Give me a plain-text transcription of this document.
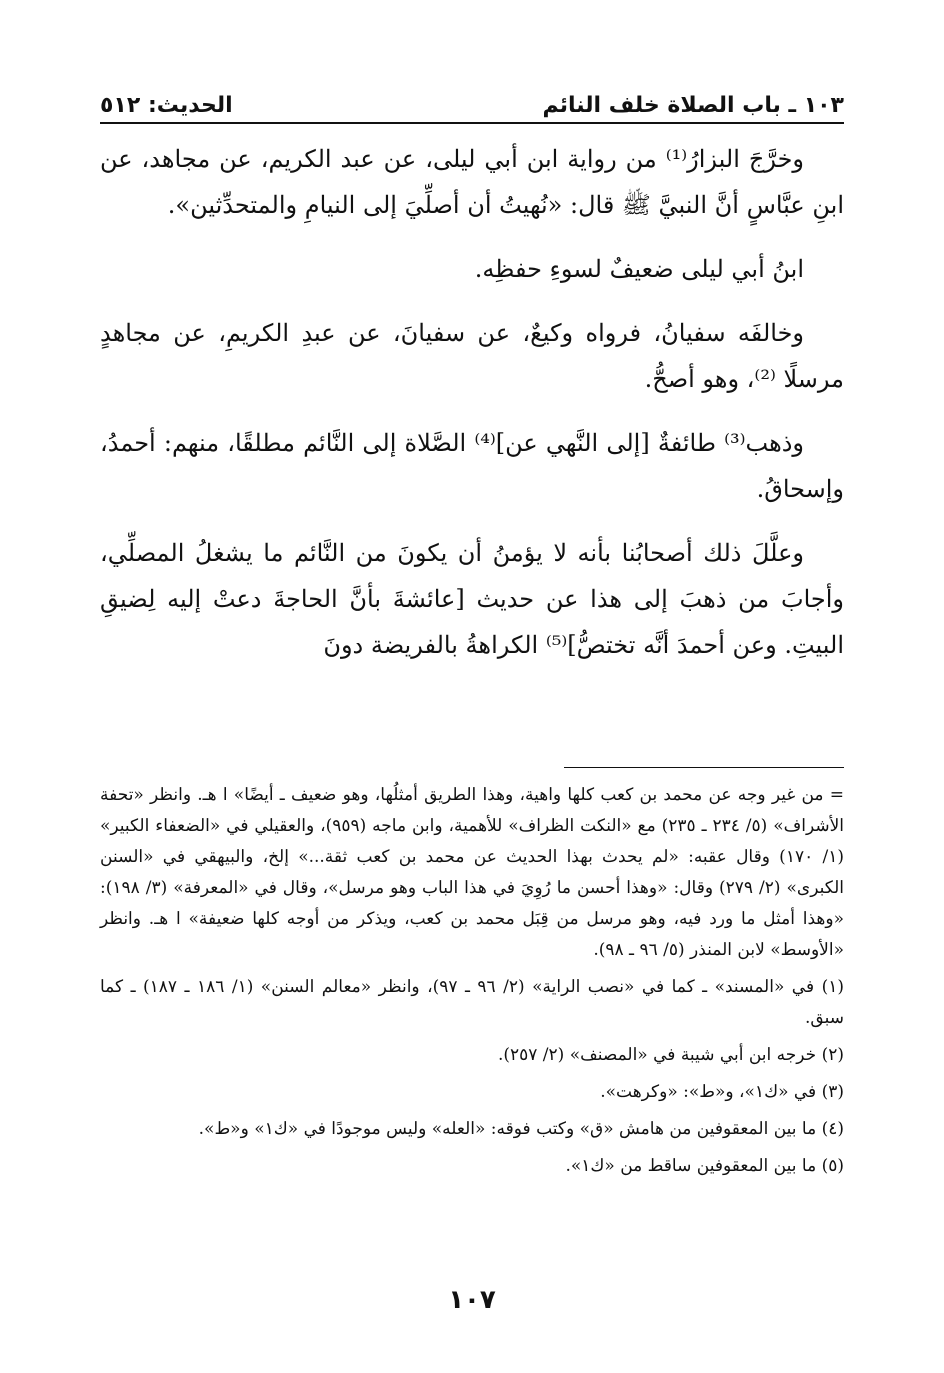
١٠٣ ـ باب الصلاة خلف النائم
الحديث: ٥١٢

وخرَّجَ البزارُ⁽¹⁾ من رواية ابن أبي ليلى، عن عبد الكريم، عن مجاهد، عن ابنِ عبَّاسٍ أنَّ النبيَّ ﷺ قال: «نُهيتُ أن أصلِّيَ إلى النيامِ والمتحدِّثين».

ابنُ أبي ليلى ضعيفٌ لسوءِ حفظِه.

وخالفَه سفيانُ، فرواه وكيعٌ، عن سفيانَ، عن عبدِ الكريمِ، عن مجاهدٍ مرسلًا ⁽²⁾، وهو أصحُّ.

وذهب⁽³⁾ طائفةٌ [إلى النَّهي عن]⁽⁴⁾ الصَّلاة إلى النَّائم مطلقًا، منهم: أحمدُ، وإسحاقُ.

وعلَّلَ ذلك أصحابُنا بأنه لا يؤمنُ أن يكونَ من النَّائم ما يشغلُ المصلِّي، وأجابَ من ذهبَ إلى هذا عن حديث [عائشةَ بأنَّ الحاجةَ دعتْ إليه لِضيقِ البيتِ. وعن أحمدَ أنَّه تختصُّ]⁽⁵⁾ الكراهةُ بالفريضة دونَ

= من غير وجه عن محمد بن كعب كلها واهية، وهذا الطريق أمثلُها، وهو ضعيف ـ أيضًا» ا هـ. وانظر «تحفة الأشراف» (٥/ ٢٣٤ ـ ٢٣٥) مع «النكت الظراف» للأهمية، وابن ماجه (٩٥٩)، والعقيلي في «الضعفاء الكبير» (١/ ١٧٠) وقال عقبه: «لم يحدث بهذا الحديث عن محمد بن كعب ثقة...» إلخ، والبيهقي في «السنن الكبرى» (٢/ ٢٧٩) وقال: «وهذا أحسن ما رُوِيَ في هذا الباب وهو مرسل»، وقال في «المعرفة» (٣/ ١٩٨): «وهذا أمثل ما ورد فيه، وهو مرسل من قِبَل محمد بن كعب، ويذكر من أوجه كلها ضعيفة» ا هـ. وانظر «الأوسط» لابن المنذر (٥/ ٩٦ ـ ٩٨).

(١) في «المسند» ـ كما في «نصب الراية» (٢/ ٩٦ ـ ٩٧)، وانظر «معالم السنن» (١/ ١٨٦ ـ ١٨٧) ـ كما سبق.

(٢) خرجه ابن أبي شيبة في «المصنف» (٢/ ٢٥٧).

(٣) في «ك١»، و«ط»: «وكرهت».

(٤) ما بين المعقوفين من هامش «ق» وكتب فوقه: «العله» وليس موجودًا في «ك١» و«ط».

(٥) ما بين المعقوفين ساقط من «ك١».

١٠٧
